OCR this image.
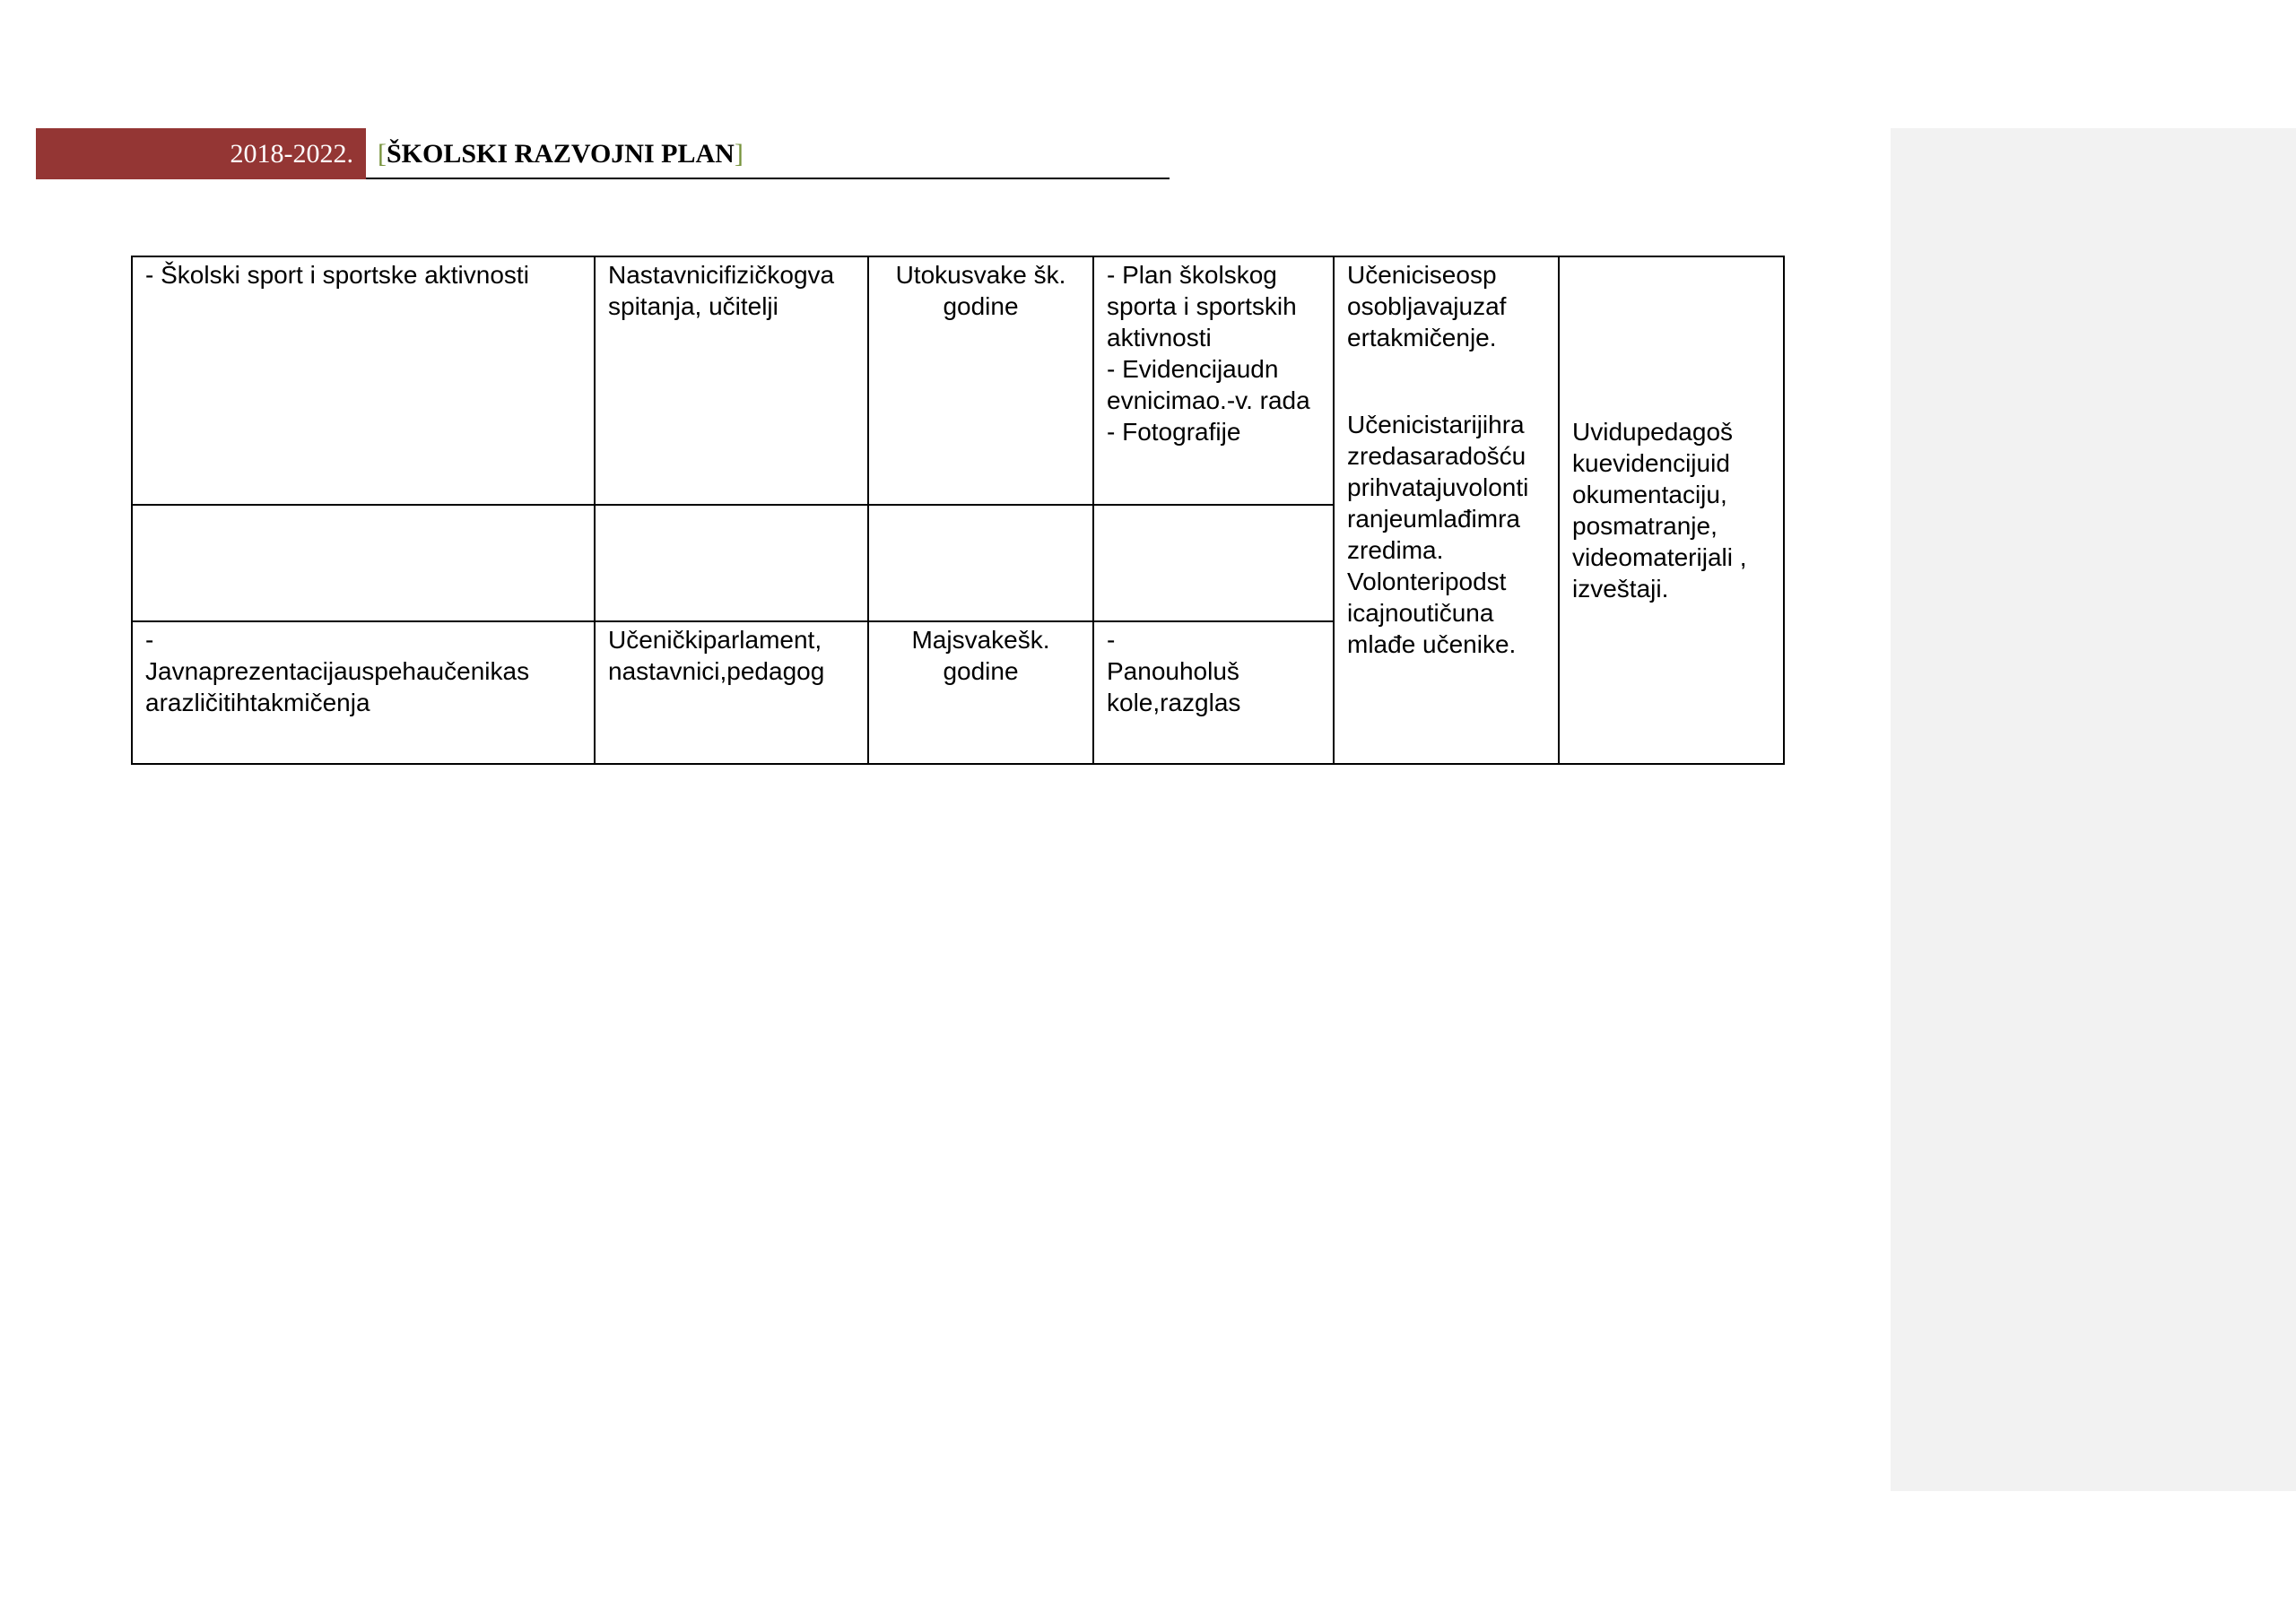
2018-2022. [ŠKOLSKI RAZVOJNI PLAN]
- Školski sport i sportske aktivnosti	Nastavnicifizičkogva spitanja, učitelji	Utokusvake šk. godine	- Plan školskog sporta i sportskih aktivnosti
- Evidencijaudn evnicimao.-v. rada
- Fotografije	Učeniciseosp osobljavajuzaf ertakmičenje.
Učenicistarijihra zredasaradošću prihvatajuvolonti ranjeumlađimra zredima. Volonteripodst icajnoutičuna mlađe učenike.	Uvidupedagoš kuevidencijuid okumentaciju, posmatranje, videomaterijali , izveštaji.

-
Javnaprezentacijauspehaučenikas arazličitihtakmičenja	Učeničkiparlament, nastavnici,pedagog	Majsvakešk. godine	-
Panouholuš kole,razglas		
